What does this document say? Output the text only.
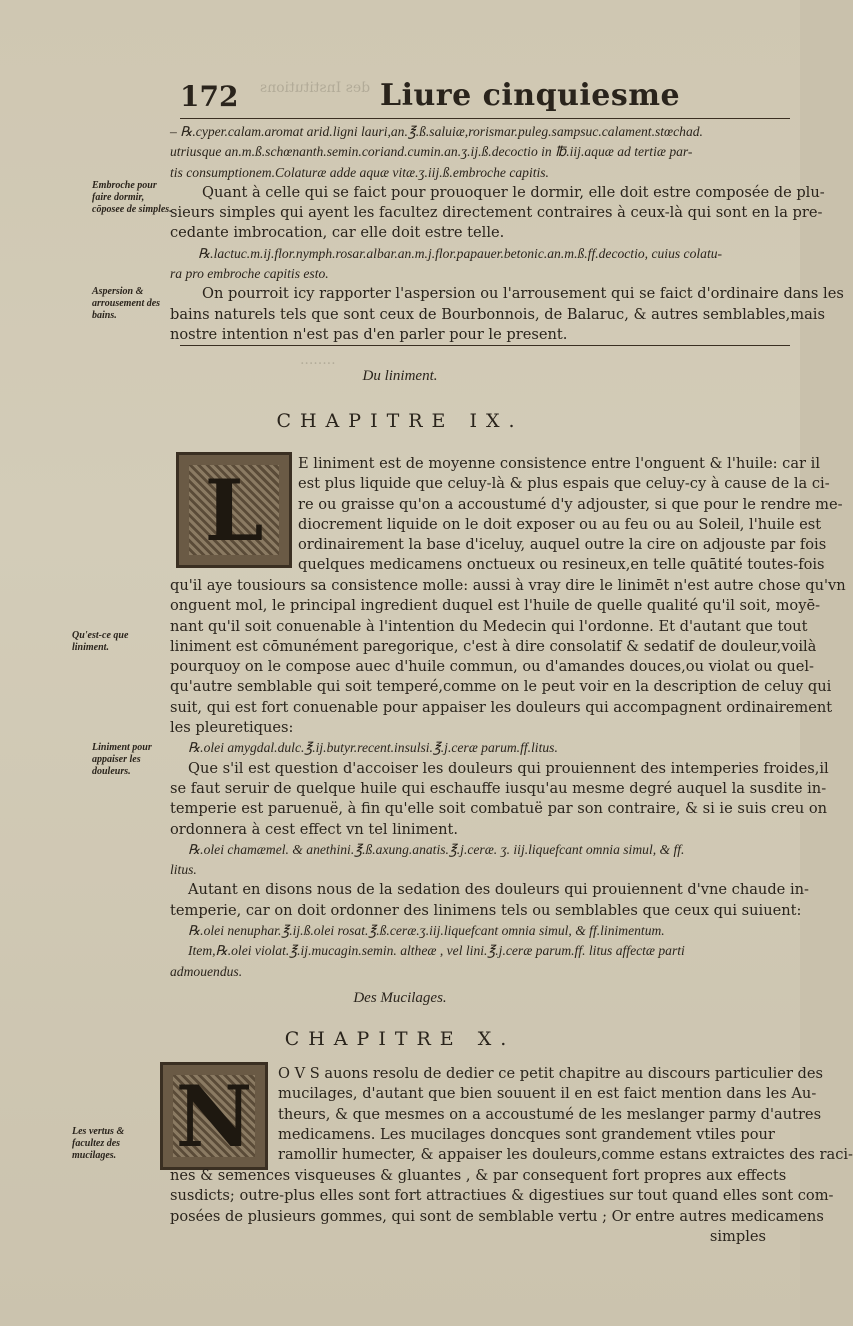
des Institutions
........
172	Liure cinquiesme
– ℞.cyper.calam.aromat arid.ligni lauri,an.℥.ß.saluiæ,rorismar.puleg.sampsuc.calament.stœchad.
utriusque an.m.ß.schœnanth.semin.coriand.cumin.an.ʒ.ij.ß.decoctio in ℔.iij.aquæ ad tertiæ par-
tis consumptionem.Colaturæ adde aquæ vitæ.ʒ.iij.ß.embroche capitis.
Quant à celle qui se faict pour prouoquer le dormir, elle doit estre composée de plu-
sieurs simples qui ayent les facultez directement contraires à ceux-là qui sont en la pre-
cedante imbrocation, car elle doit estre telle.
℞.lactuc.m.ij.flor.nymph.rosar.albar.an.m.j.flor.papauer.betonic.an.m.ß.ff.decoctio, cuius colatu-
ra pro embroche capitis esto.
On pourroit icy rapporter l'aspersion ou l'arrousement qui se faict d'ordinaire dans les
bains naturels tels que sont ceux de Bourbonnois, de Balaruc, & autres semblables,mais
nostre intention n'est pas d'en parler pour le present.
Embroche pour faire dormir, cōposee de simples.
Aspersion & arrousement des bains.
Du liniment.
CHAPITRE IX.
L	E liniment est de moyenne consistence entre l'onguent & l'huile: car il
est plus liquide que celuy-là & plus espais que celuy-cy à cause de la ci-
re ou graisse qu'on a accoustumé d'y adjouster, si que pour le rendre me-
diocrement liquide on le doit exposer ou au feu ou au Soleil, l'huile est
ordinairement la base d'iceluy, auquel outre la cire on adjouste par fois
quelques medicamens onctueux ou resineux,en telle quātité toutes-fois
qu'il aye tousiours sa consistence molle: aussi à vray dire le linimēt n'est autre chose qu'vn
onguent mol, le principal ingredient duquel est l'huile de quelle qualité qu'il soit, moyē-
nant qu'il soit conuenable à l'intention du Medecin qui l'ordonne. Et d'autant que tout
liniment est cōmunément paregorique, c'est à dire consolatif & sedatif de douleur,voilà
pourquoy on le compose auec d'huile commun, ou d'amandes douces,ou violat ou quel-
qu'autre semblable qui soit temperé,comme on le peut voir en la description de celuy qui
suit, qui est fort conuenable pour appaiser les douleurs qui accompagnent ordinairement
les pleuretiques:
℞.olei amygdal.dulc.℥.ij.butyr.recent.insulsi.℥.j.ceræ parum.ff.litus.
Que s'il est question d'accoiser les douleurs qui prouiennent des intemperies froides,il
se faut seruir de quelque huile qui eschauffe iusqu'au mesme degré auquel la susdite in-
temperie est paruenuë, à fin qu'elle soit combatuë par son contraire, & si ie suis creu on
ordonnera à cest effect vn tel liniment.
℞.olei chamæmel. & anethini.℥.ß.axung.anatis.℥.j.ceræ. ʒ. iij.liquefcant omnia simul, & ff.
litus.
Autant en disons nous de la sedation des douleurs qui prouiennent d'vne chaude in-
temperie, car on doit ordonner des linimens tels ou semblables que ceux qui suiuent:
℞.olei nenuphar.℥.ij.ß.olei rosat.℥.ß.ceræ.ʒ.iij.liquefcant omnia simul, & ff.linimentum.
Item,℞.olei violat.℥.ij.mucagin.semin. altheæ , vel lini.℥.j.ceræ parum.ff. litus affectæ parti
admouendus.
Qu'est-ce que liniment.
Liniment pour appaiser les douleurs.
Des Mucilages.
CHAPITRE X.
N	O V S auons resolu de dedier ce petit chapitre au discours particulier des
mucilages, d'autant que bien souuent il en est faict mention dans les Au-
theurs, & que mesmes on a accoustumé de les meslanger parmy d'autres
medicamens. Les mucilages doncques sont grandement vtiles pour
ramollir humecter, & appaiser les douleurs,comme estans extraictes des raci-
nes & semences visqueuses & gluantes , & par consequent fort propres aux effects
susdicts; outre-plus elles sont fort attractiues & digestiues sur tout quand elles sont com-
posées de plusieurs gommes, qui sont de semblable vertu ; Or entre autres medicamens
simples
Les vertus & facultez des mucilages.
